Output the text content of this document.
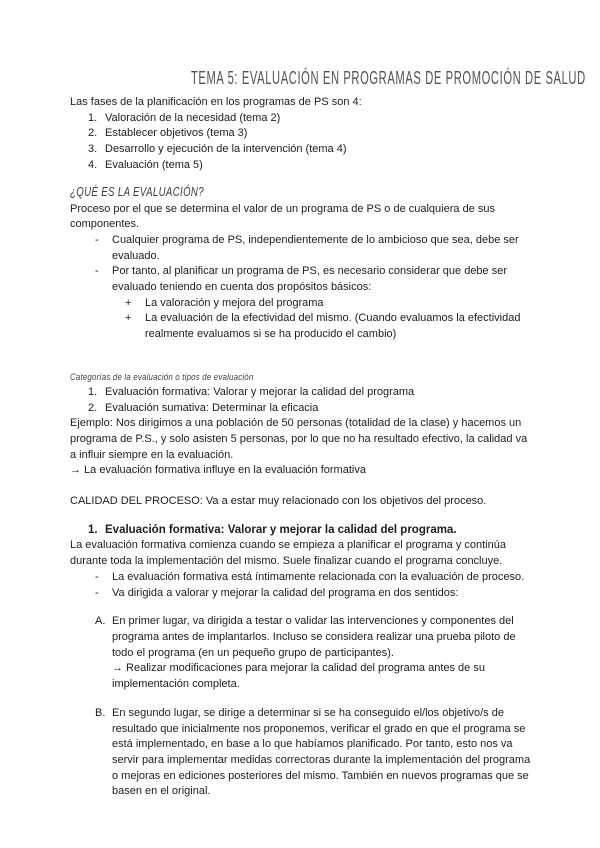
TEMA 5: EVALUACIÓN EN PROGRAMAS DE PROMOCIÓN DE SALUD

Las fases de la planificación en los programas de PS son 4:

1. Valoración de la necesidad (tema 2)
2. Establecer objetivos (tema 3)
3. Desarrollo y ejecución de la intervención (tema 4)
4. Evaluación (tema 5)
¿QUÉ ES LA EVALUACIÓN?

Proceso por el que se determina el valor de un programa de PS o de cualquiera de sus componentes.

-	Cualquier programa de PS, independientemente de lo ambicioso que sea, debe ser evaluado.
-	Por tanto, al planificar un programa de PS, es necesario considerar que debe ser evaluado teniendo en cuenta dos propósitos básicos:
+	La valoración y mejora del programa
+	La evaluación de la efectividad del mismo. (Cuando evaluamos la efectividad realmente evaluamos si se ha producido el cambio)
Categorías de la evaluación o tipos de evaluación
1. Evaluación formativa: Valorar y mejorar la calidad del programa
2. Evaluación sumativa: Determinar la eficacia

Ejemplo: Nos dirigimos a una población de 50 personas (totalidad de la clase) y hacemos un programa de P.S., y solo asisten 5 personas, por lo que no ha resultado efectivo, la calidad va a influir siempre en la evaluación.

→ La evaluación formativa influye en la evaluación formativa

CALIDAD DEL PROCESO: Va a estar muy relacionado con los objetivos del proceso.

1. Evaluación formativa: Valorar y mejorar la calidad del programa.

La evaluación formativa comienza cuando se empieza a planificar el programa y continúa durante toda la implementación del mismo. Suele finalizar cuando el programa concluye.

-	La evaluación formativa está íntimamente relacionada con la evaluación de proceso.
-	Va dirigida a valorar y mejorar la calidad del programa en dos sentidos:
A. En primer lugar, va dirigida a testar o validar las intervenciones y componentes del programa antes de implantarlos. Incluso se considera realizar una prueba piloto de todo el programa (en un pequeño grupo de participantes).
→ Realizar modificaciones para mejorar la calidad del programa antes de su implementación completa.
B. En segundo lugar, se dirige a determinar si se ha conseguido el/los objetivo/s de resultado que inicialmente nos proponemos, verificar el grado en que el programa se está implementado, en base a lo que habíamos planificado. Por tanto, esto nos va servir para implementar medidas correctoras durante la implementación del programa o mejoras en ediciones posteriores del mismo. También en nuevos programas que se basen en el original.
